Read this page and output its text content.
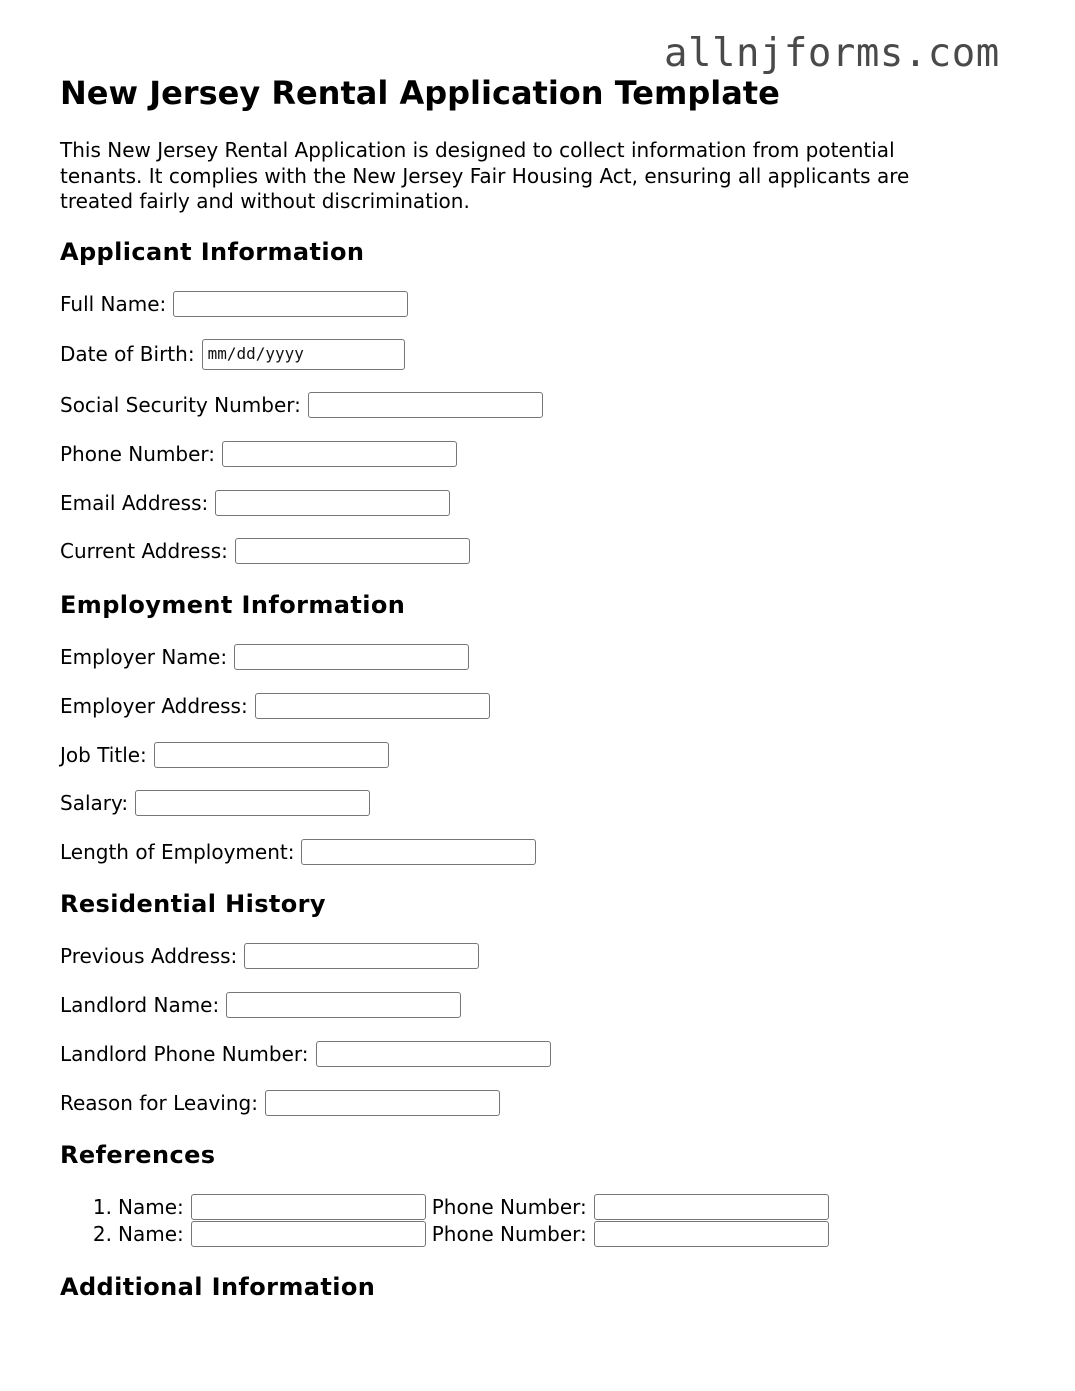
allnjforms.com
New Jersey Rental Application Template

This New Jersey Rental Application is designed to collect information from potential tenants. It complies with the New Jersey Fair Housing Act, ensuring all applicants are treated fairly and without discrimination.

Applicant Information
Full Name:
Date of Birth: mm/dd/yyyy
Social Security Number:
Phone Number:
Email Address:
Current Address:
Employment Information
Employer Name:
Employer Address:
Job Title:
Salary:
Length of Employment:
Residential History
Previous Address:
Landlord Name:
Landlord Phone Number:
Reason for Leaving:
References
1. Name:	Phone Number:
2. Name:	Phone Number:
Additional Information
